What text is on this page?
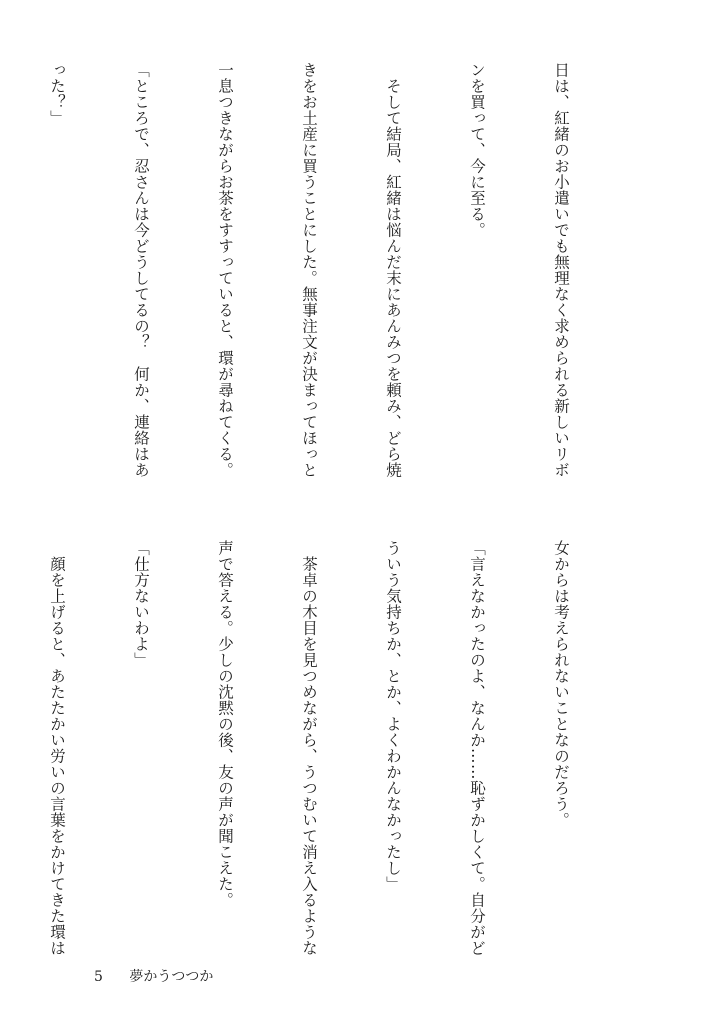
日は、紅緒のお小遣いでも無理なく求められる新しいリボ

ンを買って、今に至る。

　そして結局、紅緒は悩んだ末にあんみつを頼み、どら焼

きをお土産に買うことにした。無事注文が決まってほっと

一息つきながらお茶をすすっていると、環が尋ねてくる。

「ところで、忍さんは今どうしてるの？　何か、連絡はあ

った？」

女からは考えられないことなのだろう。

「言えなかったのよ、なんか……恥ずかしくて。自分がど

ういう気持ちか、とか、よくわかんなかったし」

　茶卓の木目を見つめながら、うつむいて消え入るような

声で答える。少しの沈黙の後、友の声が聞こえた。

「仕方ないわよ」

　顔を上げると、あたたかい労いの言葉をかけてきた環は

5 夢かうつつか
